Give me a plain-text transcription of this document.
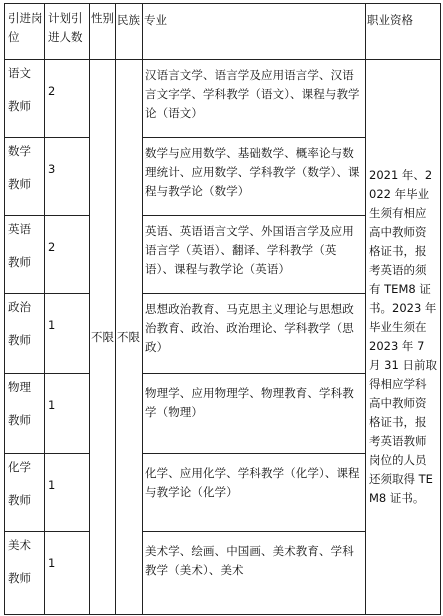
引进岗位	计划引进人数	性别	民族	专业	职业资格

语文
教师	2	不限	不限	汉语言文学、语言学及应用语言学、汉语言文字学、学科教学（语文）、课程与教学论（语文）	2021 年、2022 年毕业生须有相应高中教师资格证书，报考英语的须有 TEM8 证书。2023 年毕业生须在 2023 年 7 月 31 日前取得相应学科高中教师资格证书，报考英语教师岗位的人员还须取得 TEM8 证书。

数学
教师	3			数学与应用数学、基础数学、概率论与数理统计、应用数学、学科教学（数学）、课程与教学论（数学）	

英语
教师	2			英语、英语语言文学、外国语言学及应用语言学（英语）、翻译、学科教学（英语）、课程与教学论（英语）	

政治
教师	1			思想政治教育、马克思主义理论与思想政治教育、政治、政治理论、学科教学（思政）	

物理
教师	1			物理学、应用物理学、物理教育、学科教学（物理）	

化学
教师	1			化学、应用化学、学科教学（化学）、课程与教学论（化学）	

美术
教师	1			美术学、绘画、中国画、美术教育、学科教学（美术）、美术	
